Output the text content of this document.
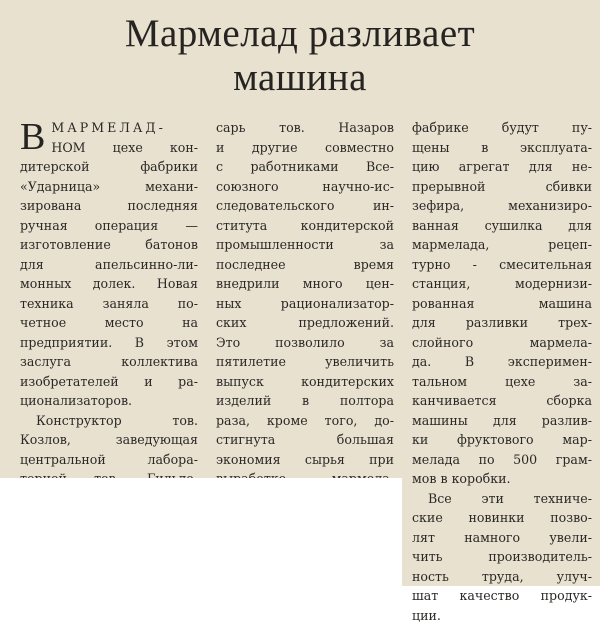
Мармелад разливает
машина
В МАРМЕЛАД-
НОМ цехе кон-
дитерской фабрики
«Ударница» механи-
зирована последняя
ручная операция —
изготовление батонов
для апельсинно-ли-
монных долек. Новая
техника заняла по-
четное место на
предприятии. В этом
заслуга коллектива
изобретателей и ра-
ционализаторов.
Конструктор тов.
Козлов, заведующая
центральной лабора-
сарь тов. Назаров
и другие совместно
с работниками Все-
союзного научно-ис-
следовательского ин-
ститута кондитерской
промышленности за
последнее время
внедрили много цен-
ных рационализатор-
ских предложений.
Это позволило за
пятилетие увеличить
выпуск кондитерских
изделий в полтора
раза, кроме того, до-
стигнута большая
экономия сырья при
фабрике будут пу-
щены в эксплуата-
цию агрегат для не-
прерывной сбивки
зефира, механизиро-
ванная сушилка для
мармелада, рецеп-
турно - смесительная
станция, модернизи-
рованная машина
для разливки трех-
слойного мармела-
да. В эксперимен-
тальном цехе за-
канчивается сборка
машины для разлив-
ки фруктового мар-
мелада по 500 грам-
мов в коробки.
Все эти техниче-
ские новинки позво-
лят намного увели-
чить производитель-
ность труда, улуч-
шат качество продук-
ции.
